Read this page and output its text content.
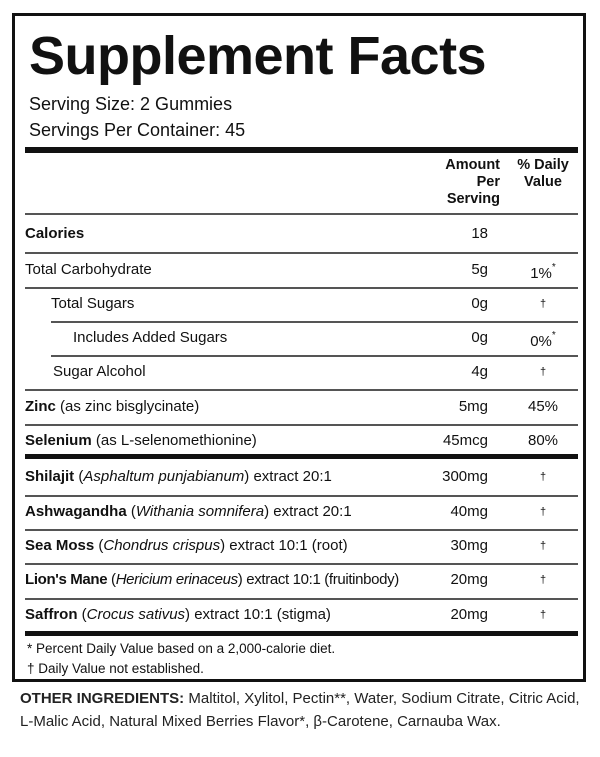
Supplement Facts
Serving Size: 2 Gummies
Servings Per Container: 45
Amount
Per
Serving
% Daily
Value
Calories	18
Total Carbohydrate	5g	1%*
Total Sugars	0g	†
Includes Added Sugars	0g	0%*
Sugar Alcohol	4g	†
Zinc (as zinc bisglycinate)	5mg	45%
Selenium (as L-selenomethionine)	45mcg	80%
Shilajit (Asphaltum punjabianum) extract 20:1	300mg	†
Ashwagandha (Withania somnifera) extract 20:1	40mg	†
Sea Moss (Chondrus crispus) extract 10:1 (root)	30mg	†
Lion's Mane (Hericium erinaceus) extract 10:1 (fruitinbody)	20mg	†
Saffron (Crocus sativus) extract 10:1 (stigma)	20mg	†
* Percent Daily Value based on a 2,000-calorie diet.
† Daily Value not established.
OTHER INGREDIENTS: Maltitol, Xylitol, Pectin**, Water, Sodium Citrate, Citric Acid, L-Malic Acid, Natural Mixed Berries Flavor*, β-Carotene, Carnauba Wax.
